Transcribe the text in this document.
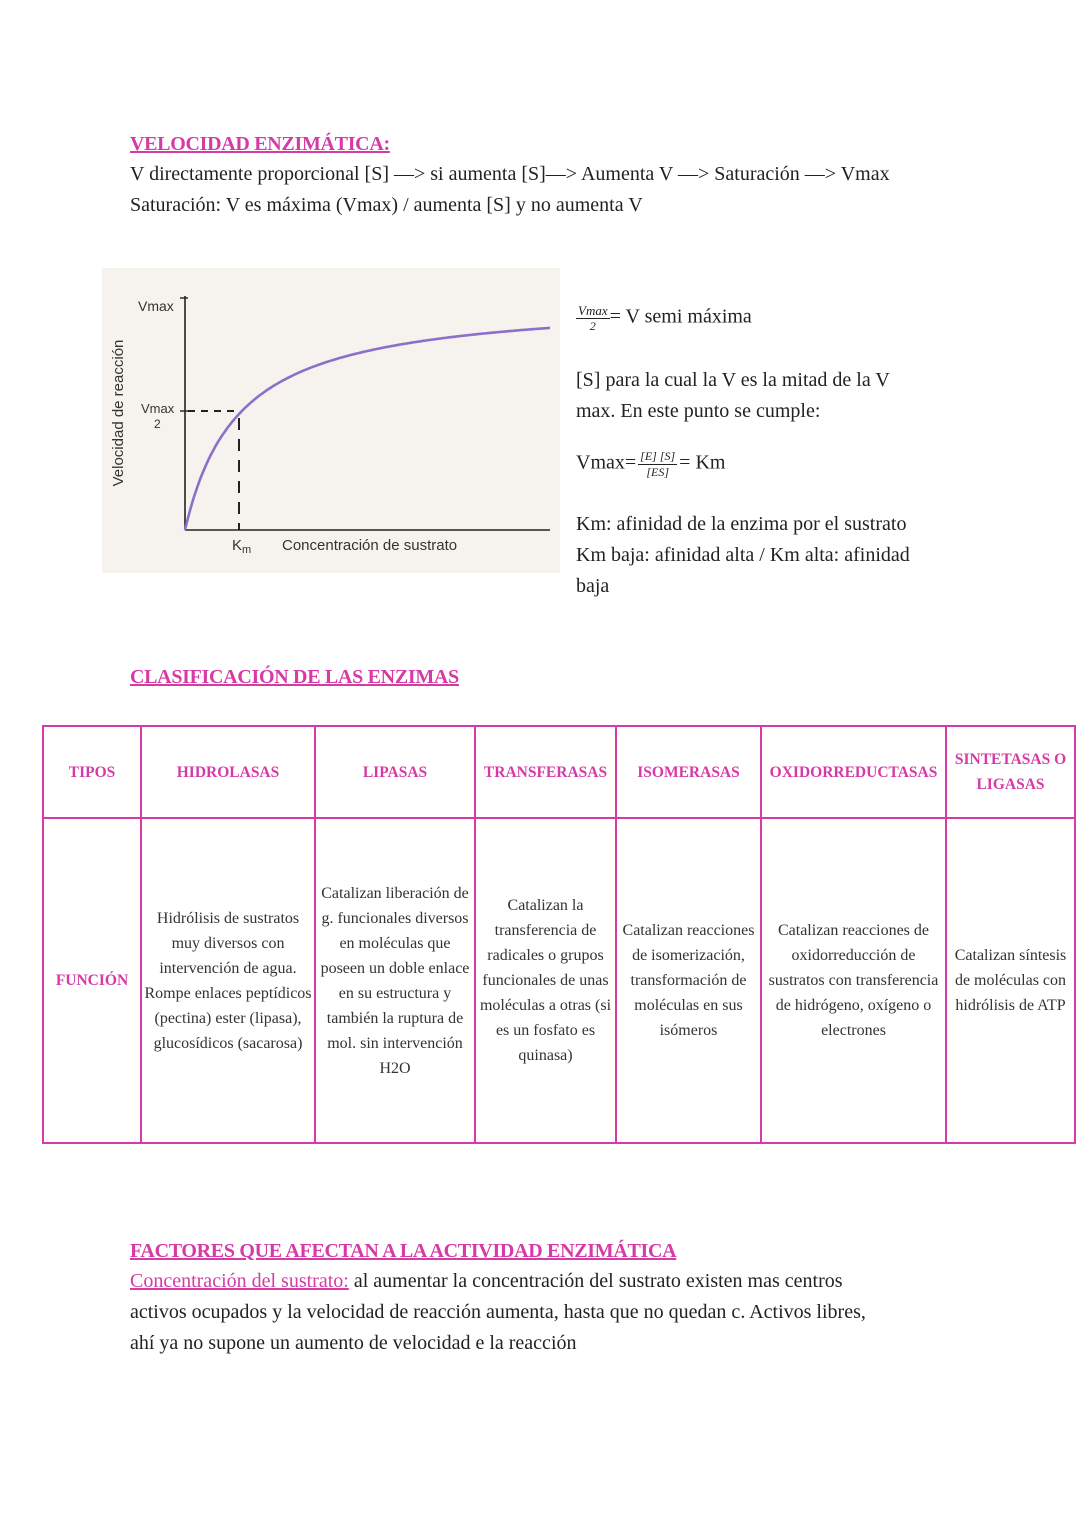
VELOCIDAD ENZIMÁTICA:
V directamente proporcional [S] —> si aumenta [S]—> Aumenta V —> Saturación —> Vmax
Saturación: V es máxima (Vmax) / aumenta [S] y no aumenta V
Velocidad de reacción
Vmax
Vmax 2
$K_m$ Concentración de sustrato
$\frac{Vmax}{2} = V$ semi máxima
[S] para la cual la V es la mitad de la V
max. En este punto se cumple:
$Vmax= \frac{[E] [S]}{[ES]} = Km$
Km: afinidad de la enzima por el sustrato
Km baja: afinidad alta / Km alta: afinidad
baja
CLASIFICACIÓN DE LAS ENZIMAS
TIPOS	HIDROLASAS	LIPASAS	TRANSFERASAS	ISOMERASAS	OXIDORREDUCTASAS	SINTETASAS O LIGASAS
FUNCIÓN	Hidrólisis de sustratos muy diversos con intervención de agua. Rompe enlaces peptídicos (pectina) ester (lipasa), glucosídicos (sacarosa)	Catalizan liberación de g. funcionales diversos en moléculas que poseen un doble enlace en su estructura y también la ruptura de mol. sin intervención H2O	Catalizan la transferencia de radicales o grupos funcionales de unas moléculas a otras (si es un fosfato es quinasa)	Catalizan reacciones de isomerización, transformación de moléculas en sus isómeros	Catalizan reacciones de oxidorreducción de sustratos con transferencia de hidrógeno, oxígeno o electrones	Catalizan síntesis de moléculas con hidrólisis de ATP
FACTORES QUE AFECTAN A LA ACTIVIDAD ENZIMÁTICA
Concentración del sustrato: al aumentar la concentración del sustrato existen mas centros
activos ocupados y la velocidad de reacción aumenta, hasta que no quedan c. Activos libres,
ahí ya no supone un aumento de velocidad e la reacción
